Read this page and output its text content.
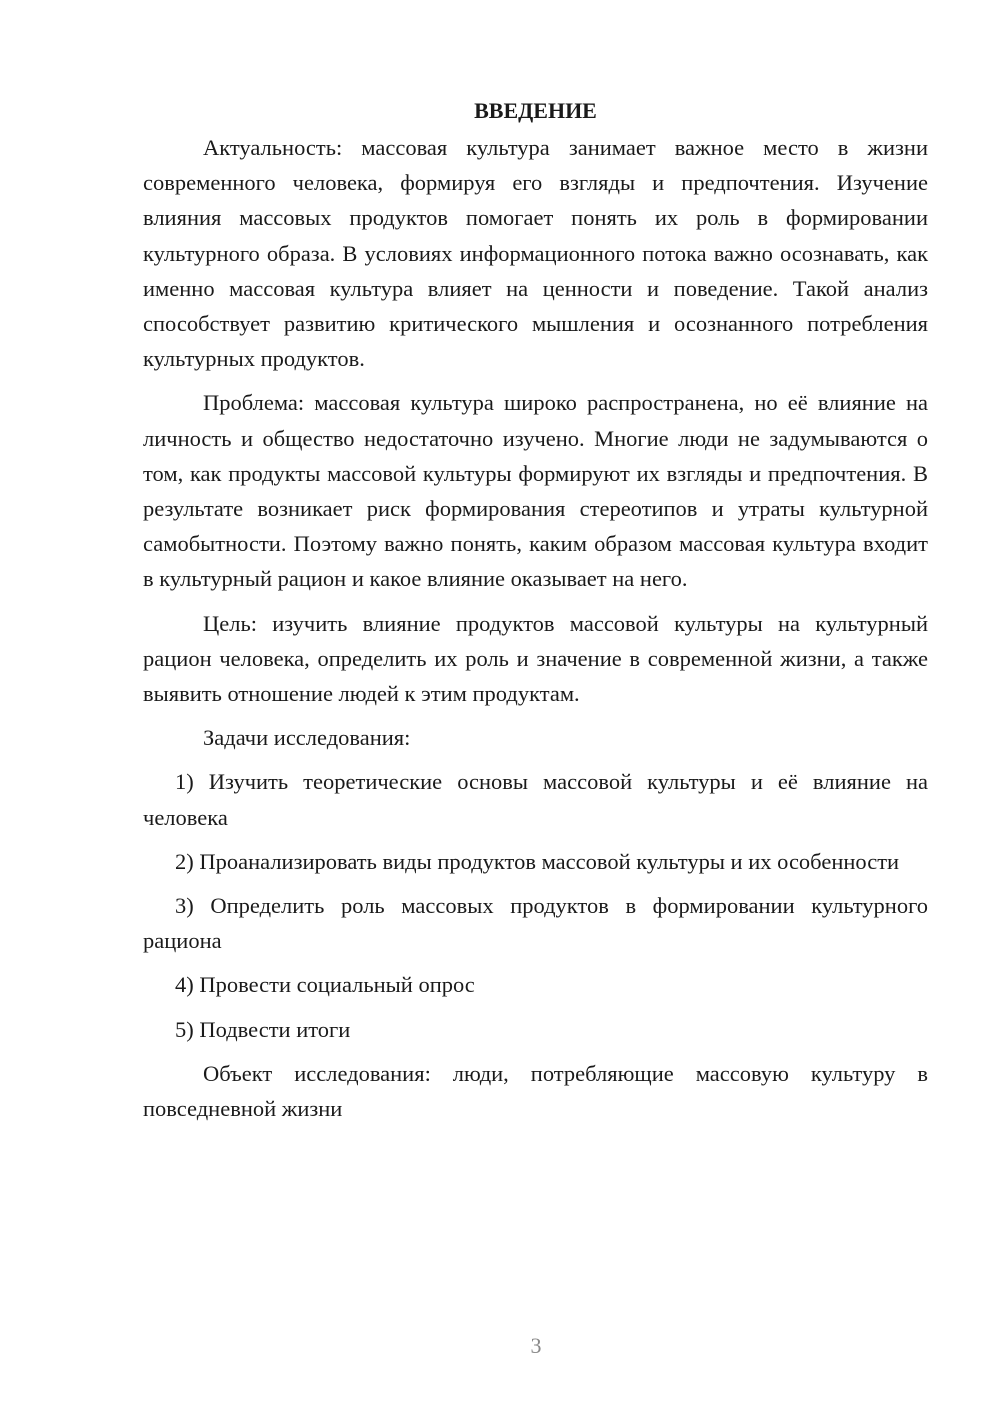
ВВЕДЕНИЕ

Актуальность: массовая культура занимает важное место в жизни современного человека, формируя его взгляды и предпочтения. Изучение влияния массовых продуктов помогает понять их роль в формировании культурного образа. В условиях информационного потока важно осознавать, как именно массовая культура влияет на ценности и поведение. Такой анализ способствует развитию критического мышления и осознанного потребления культурных продуктов.

Проблема: массовая культура широко распространена, но её влияние на личность и общество недостаточно изучено. Многие люди не задумываются о том, как продукты массовой культуры формируют их взгляды и предпочтения. В результате возникает риск формирования стереотипов и утраты культурной самобытности. Поэтому важно понять, каким образом массовая культура входит в культурный рацион и какое влияние оказывает на него.

Цель: изучить влияние продуктов массовой культуры на культурный рацион человека, определить их роль и значение в современной жизни, а также выявить отношение людей к этим продуктам.

Задачи исследования:

1) Изучить теоретические основы массовой культуры и её влияние на человека

2) Проанализировать виды продуктов массовой культуры и их особенности

3) Определить роль массовых продуктов в формировании культурного рациона

4) Провести социальный опрос

5) Подвести итоги

Объект исследования: люди, потребляющие массовую культуру в повседневной жизни

3
